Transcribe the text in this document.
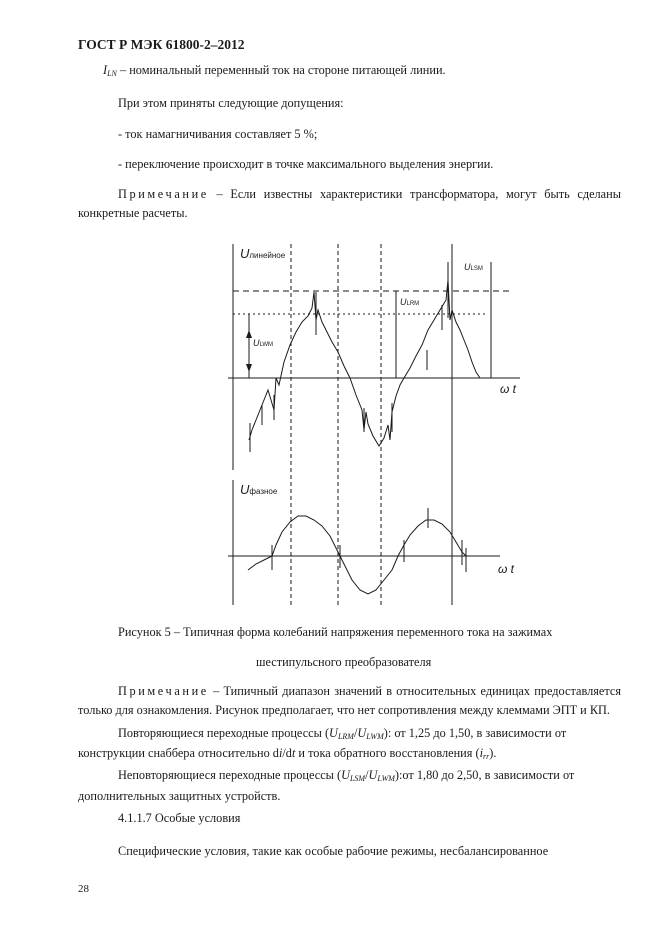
ГОСТ Р МЭК 61800-2–2012
$I_{LN}$ – номинальный переменный ток на стороне питающей линии.
При этом приняты следующие допущения:
- ток намагничивания составляет 5 %;
- переключение происходит в точке максимального выделения энергии.
Примечание – Если известны характеристики трансформатора, могут быть сделаны
конкретные расчеты.
Uлинейное
ULSM
ULRM
ULWM
ω t
Uфазное
ω t
Рисунок 5 – Типичная форма колебаний напряжения переменного тока на зажимах
шестипульсного преобразователя
Примечание – Типичный диапазон значений в относительных единицах предоставляется
только для ознакомления. Рисунок предполагает, что нет сопротивления между клеммами ЭПТ и КП.
Повторяющиеся переходные процессы $(U_{LRM}/U_{LWM})$: от 1,25 до 1,50, в зависимости от
конструкции снаббера относительно di/dt и тока обратного восстановления $(i_{rr})$.
Неповторяющиеся переходные процессы $(U_{LSM}/U_{LWM}):от$ 1,80 до 2,50, в зависимости от
дополнительных защитных устройств.
4.1.1.7 Особые условия
Специфические условия, такие как особые рабочие режимы, несбалансированное
28
